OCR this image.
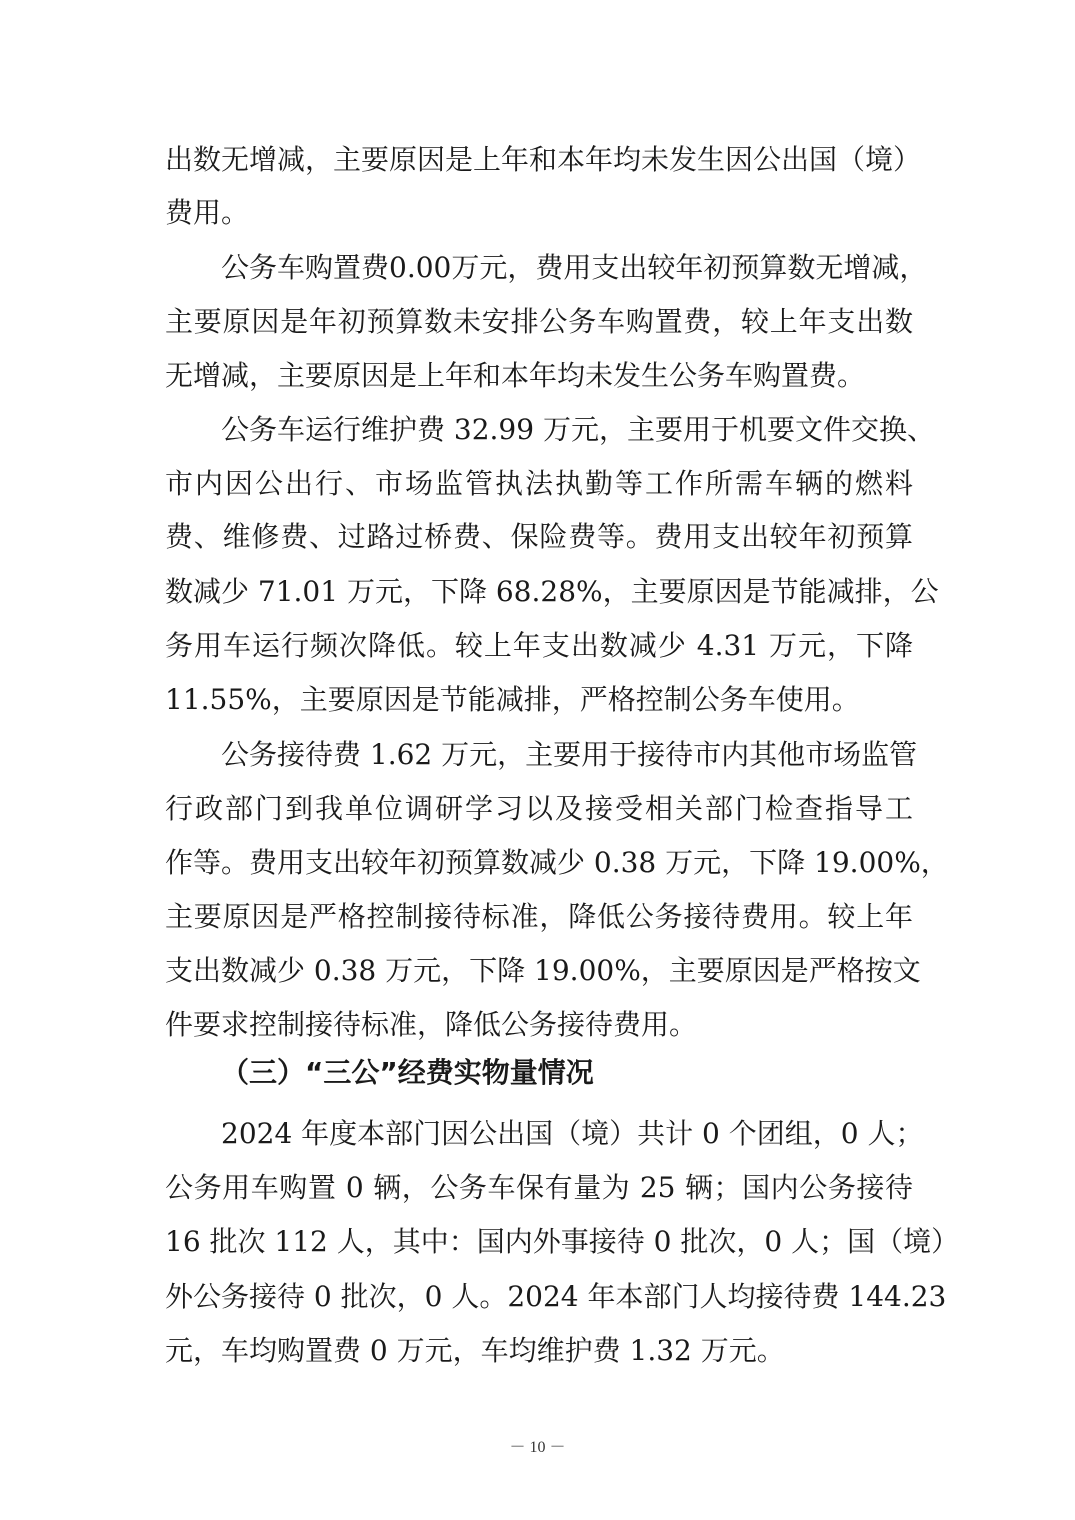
出数无增减，主要原因是上年和本年均未发生因公出国（境）
费用。
公务车购置费0.00万元，费用支出较年初预算数无增减，
主要原因是年初预算数未安排公务车购置费，较上年支出数
无增减，主要原因是上年和本年均未发生公务车购置费。
公务车运行维护费 32.99 万元，主要用于机要文件交换、
市内因公出行、市场监管执法执勤等工作所需车辆的燃料
费、维修费、过路过桥费、保险费等。费用支出较年初预算
数减少 71.01 万元，下降 68.28%，主要原因是节能减排，公
务用车运行频次降低。较上年支出数减少 4.31 万元，下降
11.55%，主要原因是节能减排，严格控制公务车使用。
公务接待费 1.62 万元，主要用于接待市内其他市场监管
行政部门到我单位调研学习以及接受相关部门检查指导工
作等。费用支出较年初预算数减少 0.38 万元，下降 19.00%，
主要原因是严格控制接待标准，降低公务接待费用。较上年
支出数减少 0.38 万元，下降 19.00%，主要原因是严格按文
件要求控制接待标准，降低公务接待费用。
（三）“三公”经费实物量情况
2024 年度本部门因公出国（境）共计 0 个团组，0 人；
公务用车购置 0 辆，公务车保有量为 25 辆；国内公务接待
16 批次 112 人，其中：国内外事接待 0 批次，0 人；国（境）
外公务接待 0 批次，0 人。2024 年本部门人均接待费 144.23
元，车均购置费 0 万元，车均维护费 1.32 万元。
－ 10 －
